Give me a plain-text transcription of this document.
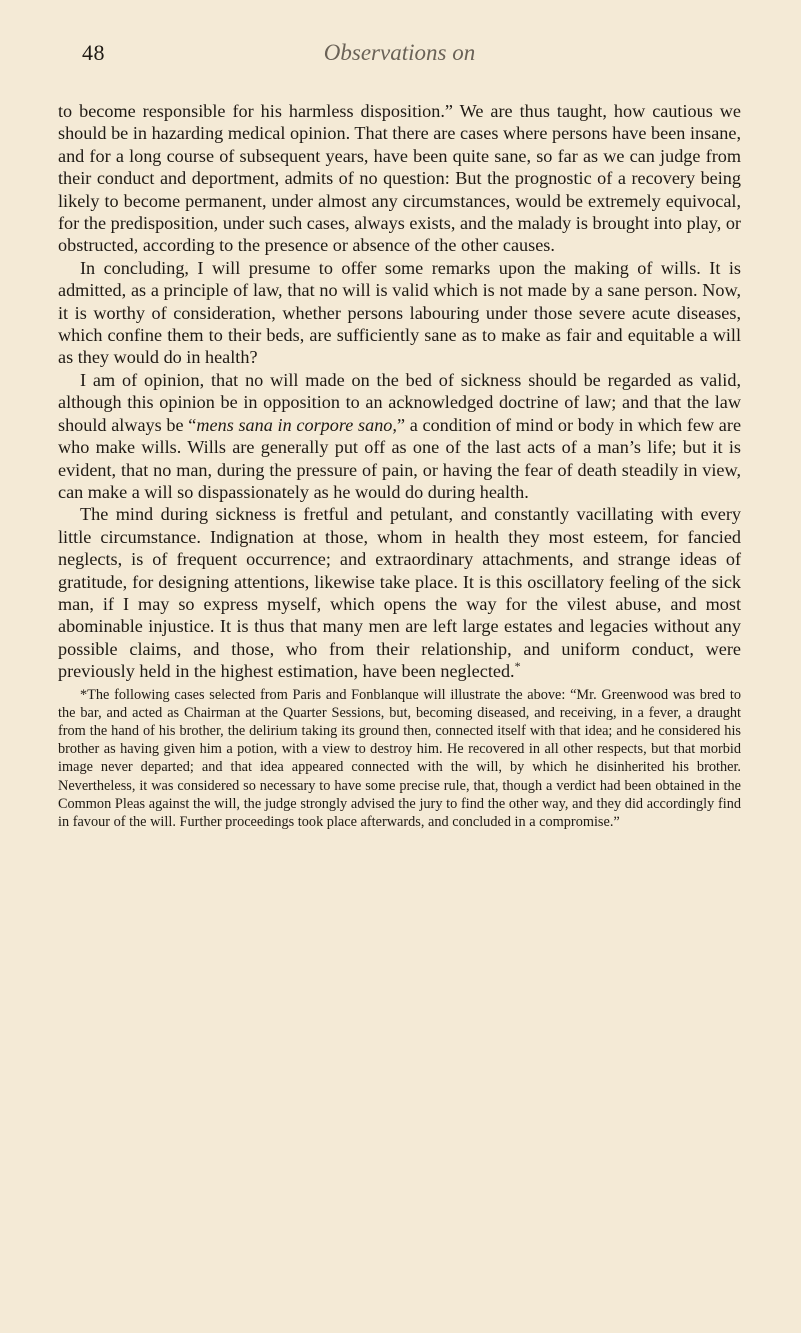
48	Observations on

to become responsible for his harmless disposition.” We are thus taught, how cautious we should be in hazarding medical opinion. That there are cases where persons have been insane, and for a long course of subsequent years, have been quite sane, so far as we can judge from their conduct and deportment, admits of no question: But the prognostic of a recovery being likely to become permanent, under almost any circumstances, would be extremely equivocal, for the predisposition, under such cases, always exists, and the malady is brought into play, or obstructed, according to the presence or absence of the other causes.

In concluding, I will presume to offer some remarks upon the making of wills. It is admitted, as a principle of law, that no will is valid which is not made by a sane person. Now, it is worthy of consideration, whether persons labouring under those severe acute diseases, which confine them to their beds, are sufficiently sane as to make as fair and equitable a will as they would do in health?

I am of opinion, that no will made on the bed of sickness should be regarded as valid, although this opinion be in opposition to an acknowledged doctrine of law; and that the law should always be “mens sana in corpore sano,” a condition of mind or body in which few are who make wills. Wills are generally put off as one of the last acts of a man’s life; but it is evident, that no man, during the pressure of pain, or having the fear of death steadily in view, can make a will so dispassionately as he would do during health.

The mind during sickness is fretful and petulant, and constantly vacillating with every little circumstance. Indignation at those, whom in health they most esteem, for fancied neglects, is of frequent occurrence; and extraordinary attachments, and strange ideas of gratitude, for designing attentions, likewise take place. It is this oscillatory feeling of the sick man, if I may so express myself, which opens the way for the vilest abuse, and most abominable injustice. It is thus that many men are left large estates and legacies without any possible claims, and those, who from their relationship, and uniform conduct, were previously held in the highest estimation, have been neglected.*

*The following cases selected from Paris and Fonblanque will illustrate the above: “Mr. Greenwood was bred to the bar, and acted as Chairman at the Quarter Sessions, but, becoming diseased, and receiving, in a fever, a draught from the hand of his brother, the delirium taking its ground then, connected itself with that idea; and he considered his brother as having given him a potion, with a view to destroy him. He recovered in all other respects, but that morbid image never departed; and that idea appeared connected with the will, by which he disinherited his brother. Nevertheless, it was considered so necessary to have some precise rule, that, though a verdict had been obtained in the Common Pleas against the will, the judge strongly advised the jury to find the other way, and they did accordingly find in favour of the will. Further proceedings took place afterwards, and concluded in a compromise.”
